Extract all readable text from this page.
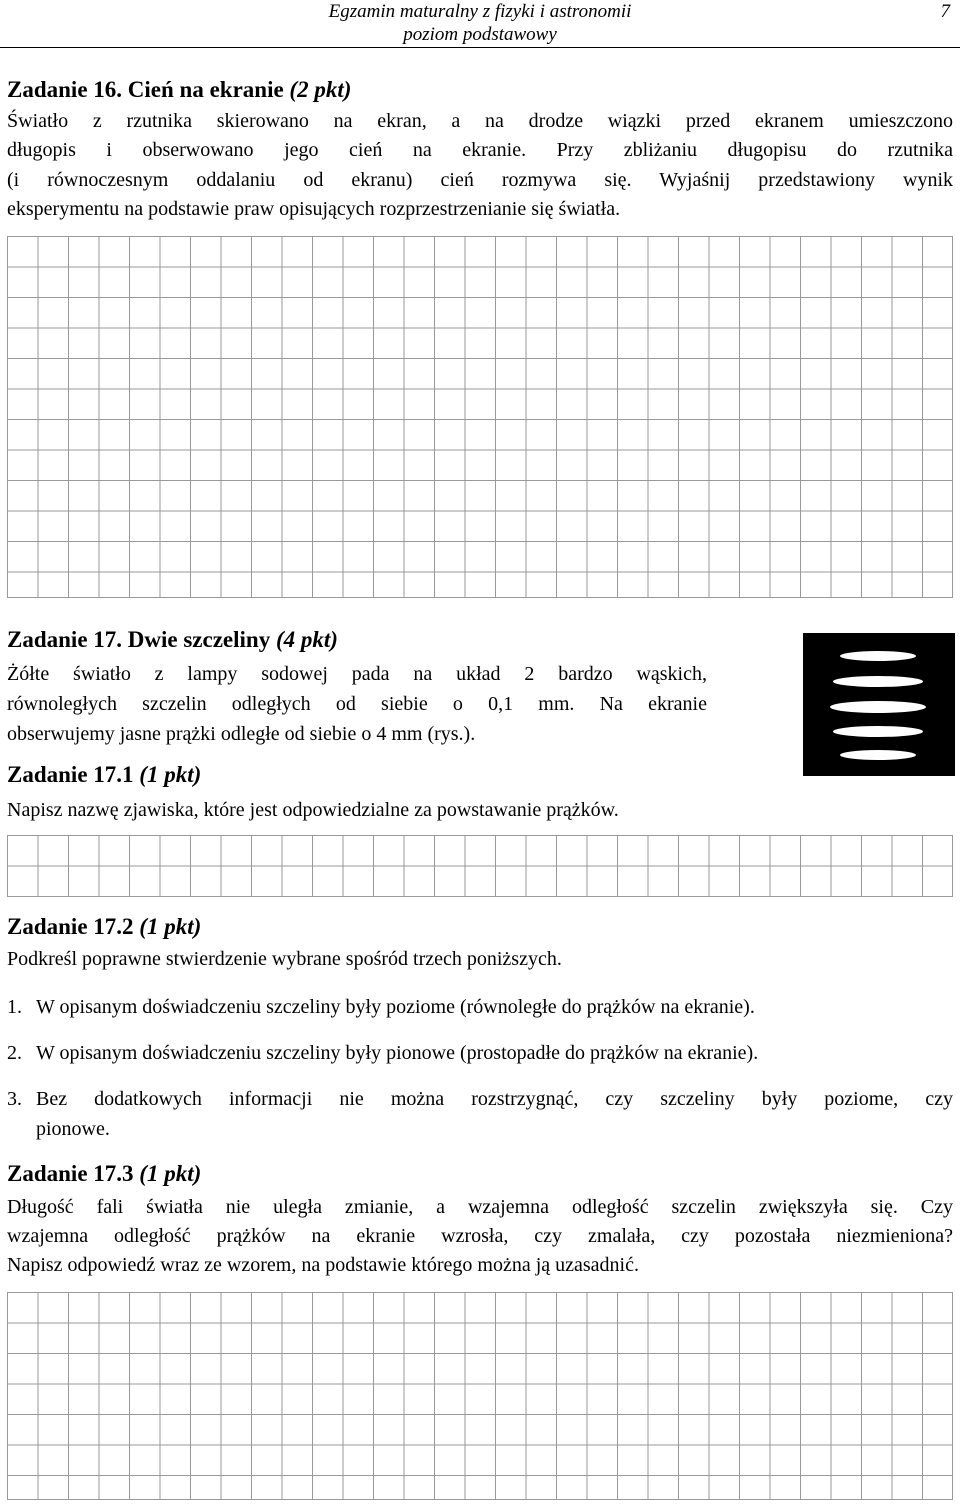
Egzamin maturalny z fizyki i astronomii
poziom podstawowy
7
Zadanie 16. Cień na ekranie (2 pkt)
Światło z rzutnika skierowano na ekran, a na drodze wiązki przed ekranem umieszczono
długopis i obserwowano jego cień na ekranie. Przy zbliżaniu długopisu do rzutnika
(i równoczesnym oddalaniu od ekranu) cień rozmywa się. Wyjaśnij przedstawiony wynik
eksperymentu na podstawie praw opisujących rozprzestrzenianie się światła.
Zadanie 17. Dwie szczeliny (4 pkt)
Żółte światło z lampy sodowej pada na układ 2 bardzo wąskich,
równoległych szczelin odległych od siebie o 0,1 mm. Na ekranie
obserwujemy jasne prążki odległe od siebie o 4 mm (rys.).
Zadanie 17.1 (1 pkt)
Napisz nazwę zjawiska, które jest odpowiedzialne za powstawanie prążków.
Zadanie 17.2 (1 pkt)
Podkreśl poprawne stwierdzenie wybrane spośród trzech poniższych.
1. W opisanym doświadczeniu szczeliny były poziome (równoległe do prążków na ekranie).
2. W opisanym doświadczeniu szczeliny były pionowe (prostopadłe do prążków na ekranie).
3. Bez dodatkowych informacji nie można rozstrzygnąć, czy szczeliny były poziome, czy
pionowe.
Zadanie 17.3 (1 pkt)
Długość fali światła nie uległa zmianie, a wzajemna odległość szczelin zwiększyła się. Czy
wzajemna odległość prążków na ekranie wzrosła, czy zmalała, czy pozostała niezmieniona?
Napisz odpowiedź wraz ze wzorem, na podstawie którego można ją uzasadnić.
